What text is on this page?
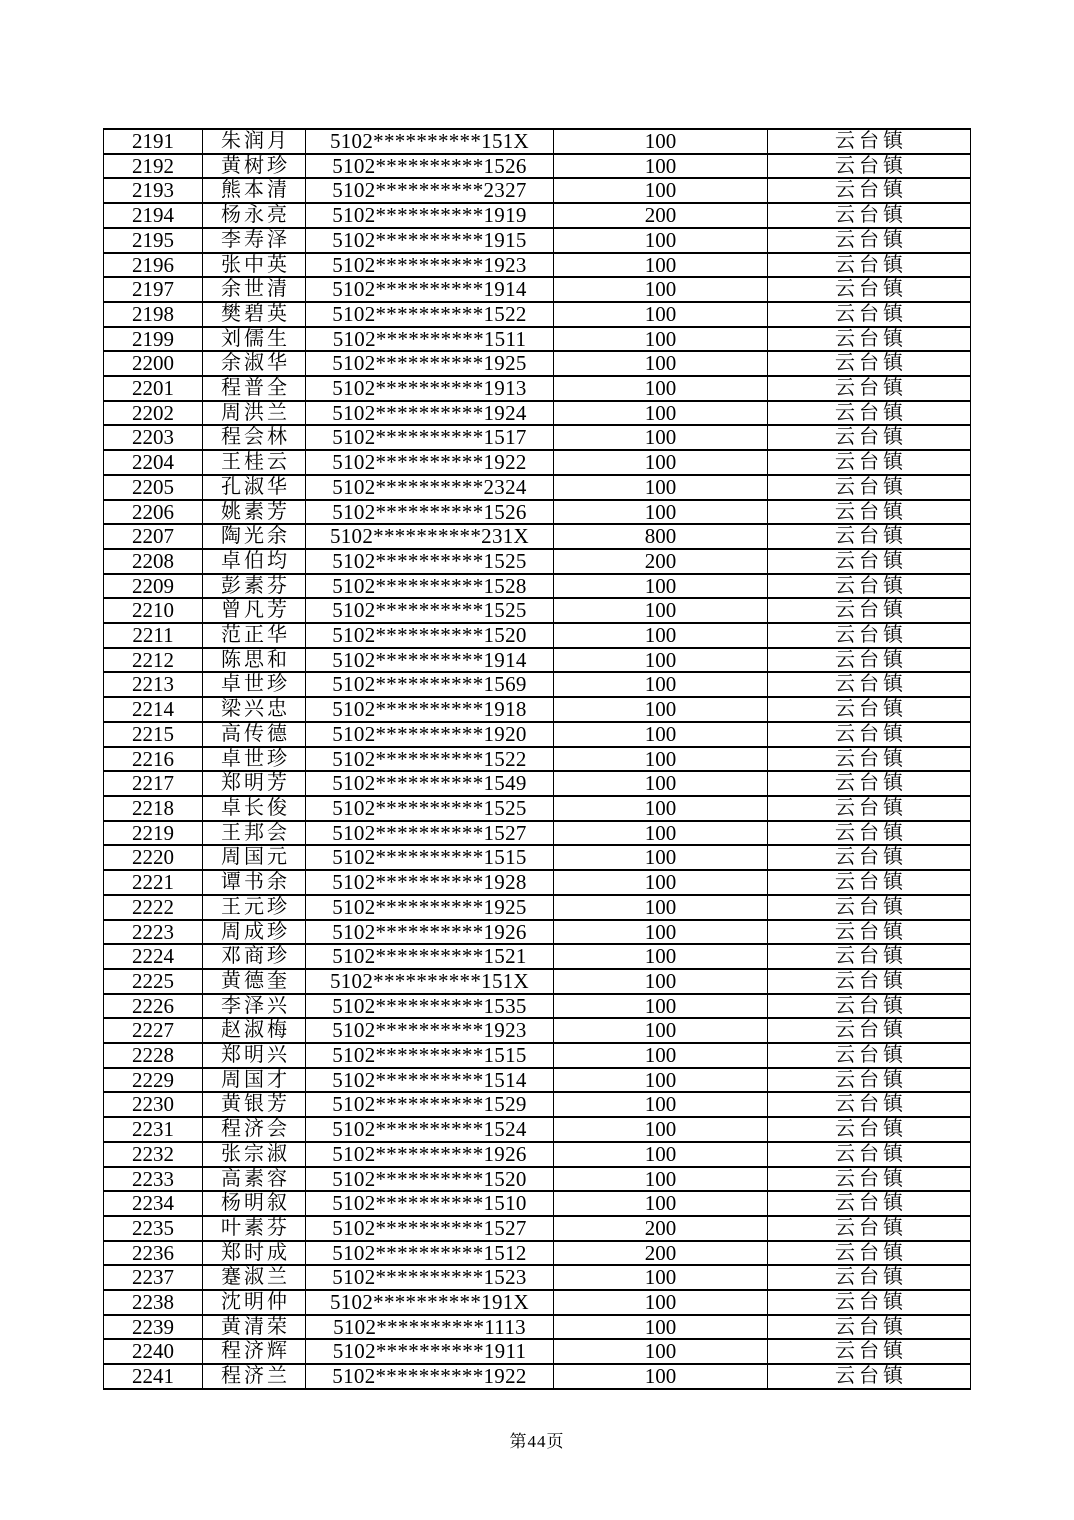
2191	朱润月	5102**********151X	100	云台镇
2192	黄树珍	5102**********1526	100	云台镇
2193	熊本清	5102**********2327	100	云台镇
2194	杨永亮	5102**********1919	200	云台镇
2195	李寿泽	5102**********1915	100	云台镇
2196	张中英	5102**********1923	100	云台镇
2197	余世清	5102**********1914	100	云台镇
2198	樊碧英	5102**********1522	100	云台镇
2199	刘儒生	5102**********1511	100	云台镇
2200	余淑华	5102**********1925	100	云台镇
2201	程普全	5102**********1913	100	云台镇
2202	周洪兰	5102**********1924	100	云台镇
2203	程会林	5102**********1517	100	云台镇
2204	王桂云	5102**********1922	100	云台镇
2205	孔淑华	5102**********2324	100	云台镇
2206	姚素芳	5102**********1526	100	云台镇
2207	陶光余	5102**********231X	800	云台镇
2208	卓伯均	5102**********1525	200	云台镇
2209	彭素芬	5102**********1528	100	云台镇
2210	曾凡芳	5102**********1525	100	云台镇
2211	范正华	5102**********1520	100	云台镇
2212	陈思和	5102**********1914	100	云台镇
2213	卓世珍	5102**********1569	100	云台镇
2214	梁兴忠	5102**********1918	100	云台镇
2215	高传德	5102**********1920	100	云台镇
2216	卓世珍	5102**********1522	100	云台镇
2217	郑明芳	5102**********1549	100	云台镇
2218	卓长俊	5102**********1525	100	云台镇
2219	王邦会	5102**********1527	100	云台镇
2220	周国元	5102**********1515	100	云台镇
2221	谭书余	5102**********1928	100	云台镇
2222	王元珍	5102**********1925	100	云台镇
2223	周成珍	5102**********1926	100	云台镇
2224	邓商珍	5102**********1521	100	云台镇
2225	黄德奎	5102**********151X	100	云台镇
2226	李泽兴	5102**********1535	100	云台镇
2227	赵淑梅	5102**********1923	100	云台镇
2228	郑明兴	5102**********1515	100	云台镇
2229	周国才	5102**********1514	100	云台镇
2230	黄银芳	5102**********1529	100	云台镇
2231	程济会	5102**********1524	100	云台镇
2232	张宗淑	5102**********1926	100	云台镇
2233	高素容	5102**********1520	100	云台镇
2234	杨明叙	5102**********1510	100	云台镇
2235	叶素芬	5102**********1527	200	云台镇
2236	郑时成	5102**********1512	200	云台镇
2237	蹇淑兰	5102**********1523	100	云台镇
2238	沈明仲	5102**********191X	100	云台镇
2239	黄清荣	5102**********1113	100	云台镇
2240	程济辉	5102**********1911	100	云台镇
2241	程济兰	5102**********1922	100	云台镇
第44页
